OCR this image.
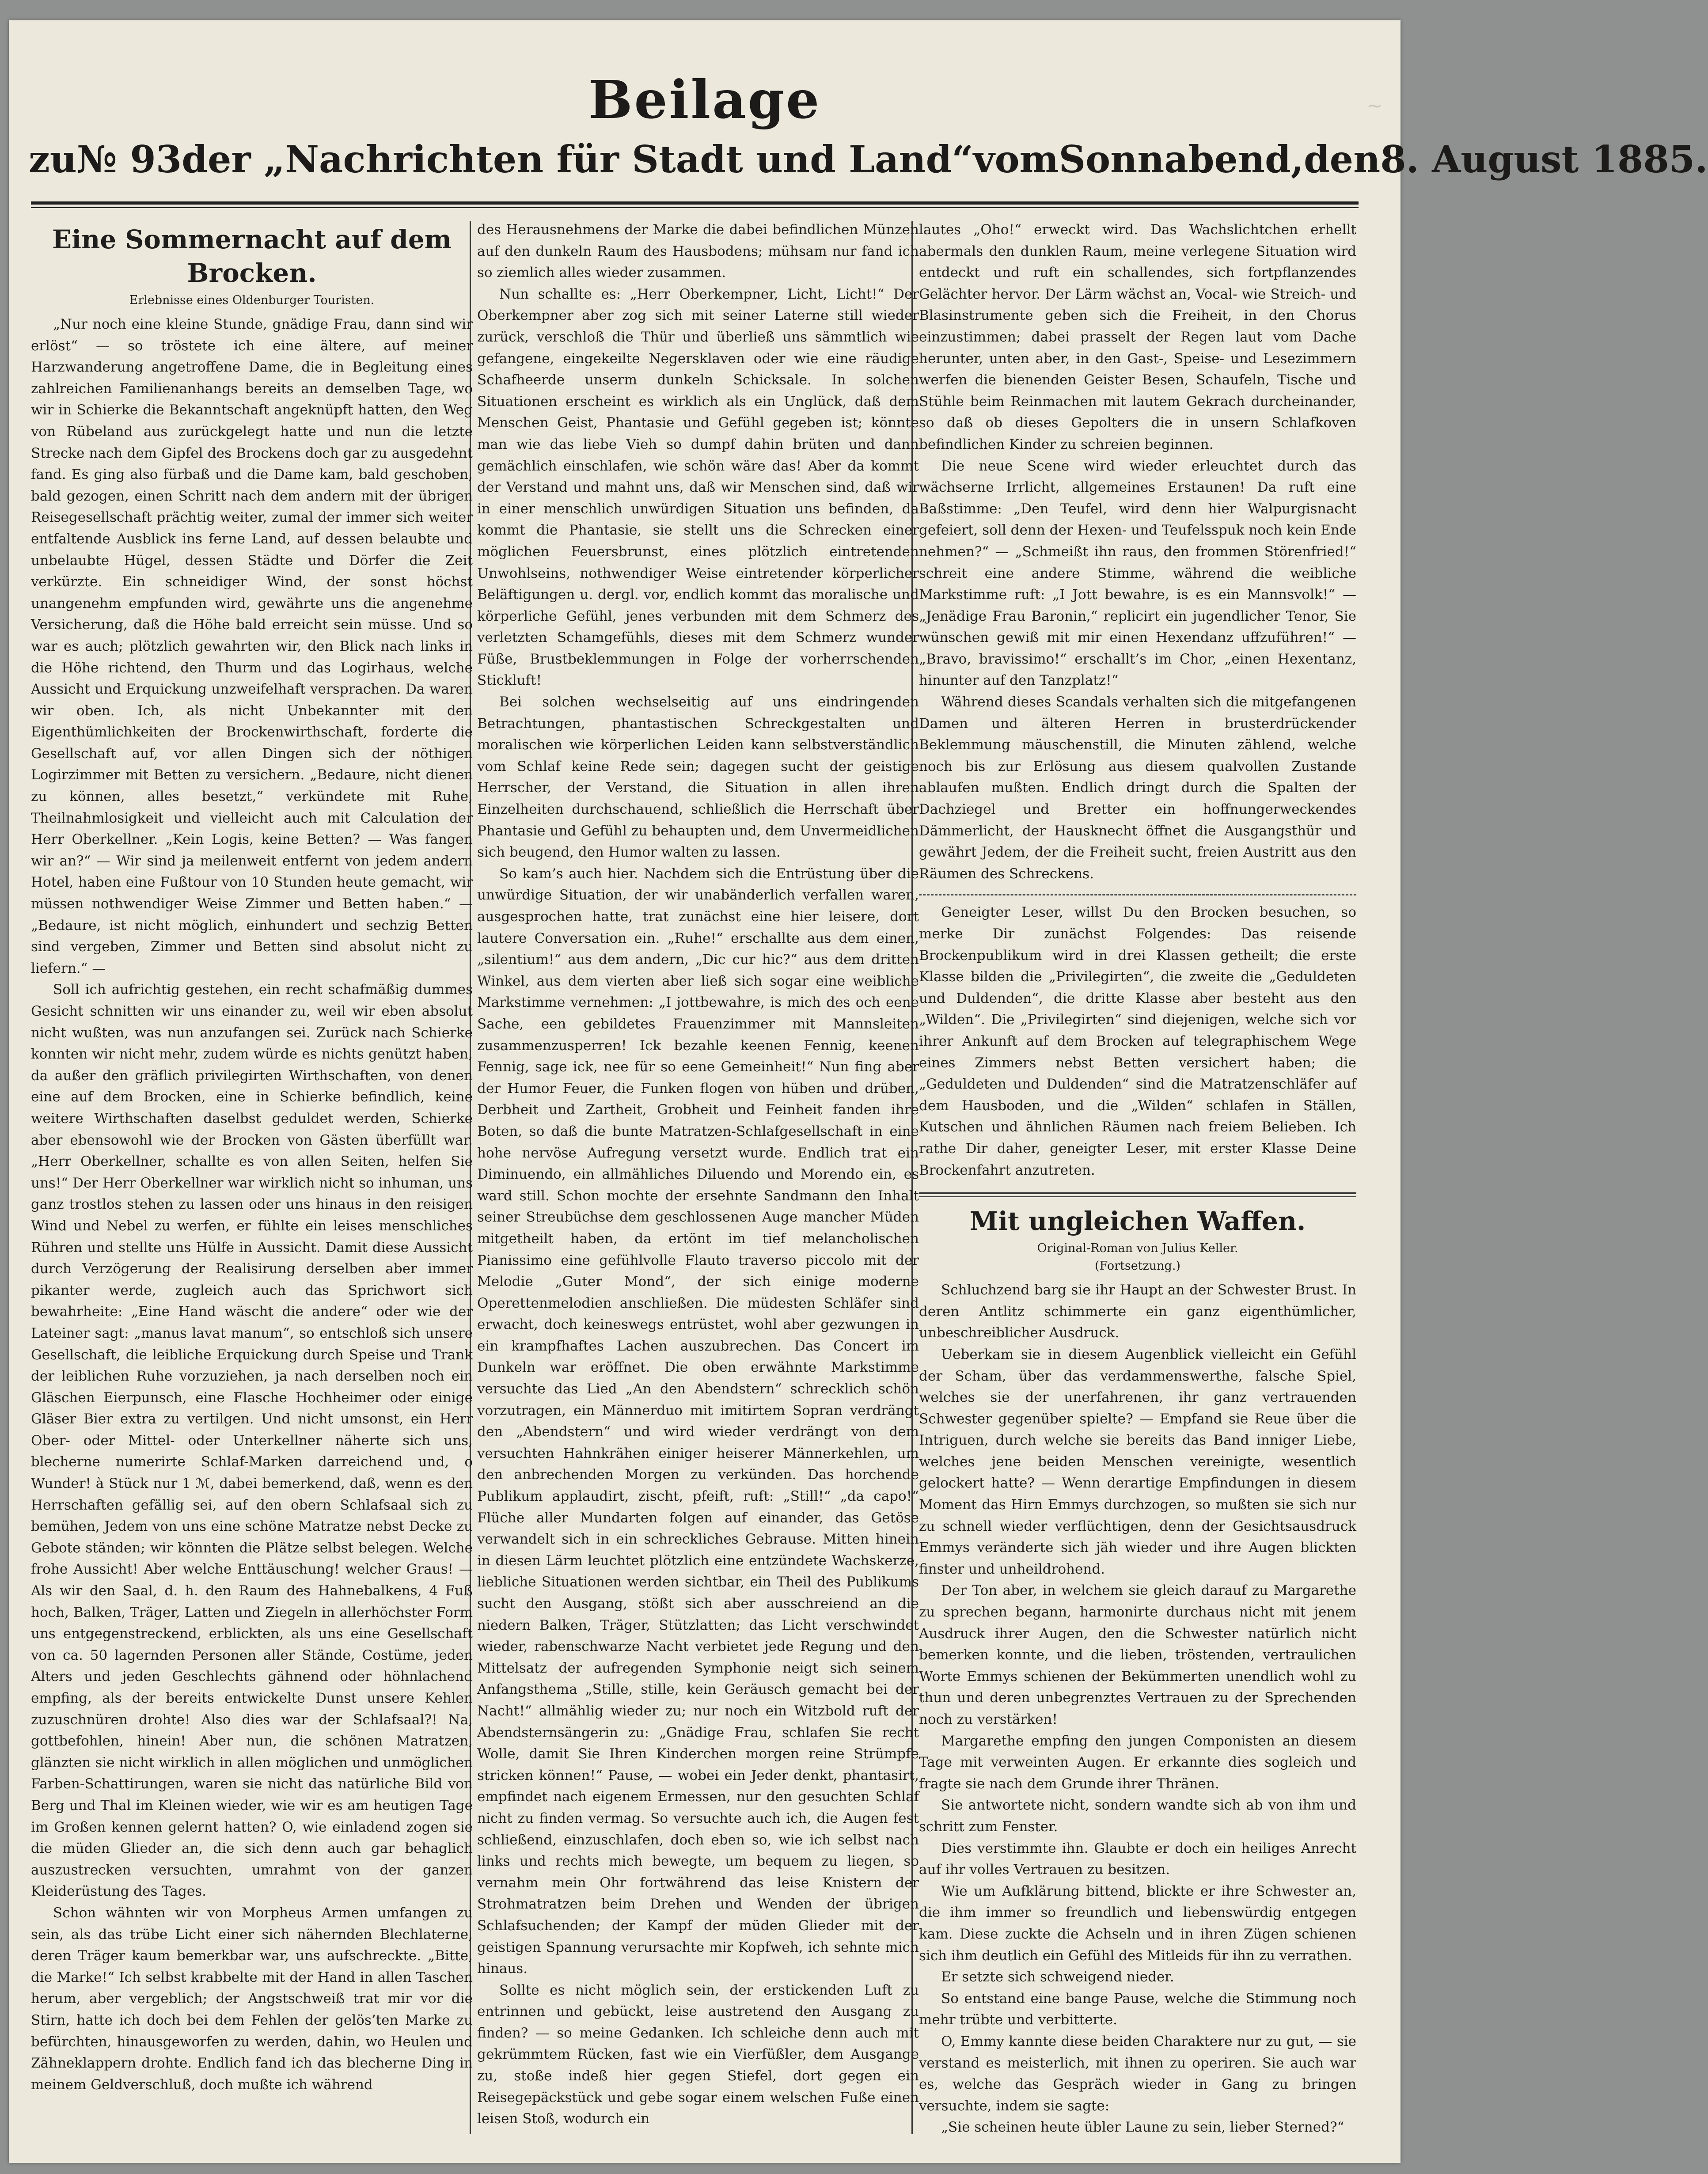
~
Beilage
zu № 93 der „Nachrichten für Stadt und Land“ vom Sonnabend, den 8. August 1885.
Eine Sommernacht auf dem Brocken.
Erlebnisse eines Oldenburger Touristen.

„Nur noch eine kleine Stunde, gnädige Frau, dann sind wir erlöst“ — so tröstete ich eine ältere, auf meiner Harzwanderung angetroffene Dame, die in Begleitung eines zahlreichen Familienanhangs bereits an demselben Tage, wo wir in Schierke die Bekanntschaft angeknüpft hatten, den Weg von Rübeland aus zurückgelegt hatte und nun die letzte Strecke nach dem Gipfel des Brockens doch gar zu ausgedehnt fand. Es ging also fürbaß und die Dame kam, bald geschoben, bald gezogen, einen Schritt nach dem andern mit der übrigen Reisegesellschaft prächtig weiter, zumal der immer sich weiter entfaltende Ausblick ins ferne Land, auf dessen belaubte und unbelaubte Hügel, dessen Städte und Dörfer die Zeit verkürzte. Ein schneidiger Wind, der sonst höchst unangenehm empfunden wird, gewährte uns die angenehme Versicherung, daß die Höhe bald erreicht sein müsse. Und so war es auch; plötzlich gewahrten wir, den Blick nach links in die Höhe richtend, den Thurm und das Logirhaus, welche Aussicht und Erquickung unzweifelhaft versprachen. Da waren wir oben. Ich, als nicht Unbekannter mit den Eigenthümlichkeiten der Brockenwirthschaft, forderte die Gesellschaft auf, vor allen Dingen sich der nöthigen Logirzimmer mit Betten zu versichern. „Bedaure, nicht dienen zu können, alles besetzt,“ verkündete mit Ruhe, Theilnahmlosigkeit und vielleicht auch mit Calculation der Herr Oberkellner. „Kein Logis, keine Betten? — Was fangen wir an?“ — Wir sind ja meilenweit entfernt von jedem andern Hotel, haben eine Fußtour von 10 Stunden heute gemacht, wir müssen nothwendiger Weise Zimmer und Betten haben.“ — „Bedaure, ist nicht möglich, einhundert und sechzig Betten sind vergeben, Zimmer und Betten sind absolut nicht zu liefern.“ —

Soll ich aufrichtig gestehen, ein recht schafmäßig dummes Gesicht schnitten wir uns einander zu, weil wir eben absolut nicht wußten, was nun anzufangen sei. Zurück nach Schierke konnten wir nicht mehr, zudem würde es nichts genützt haben, da außer den gräflich privilegirten Wirthschaften, von denen eine auf dem Brocken, eine in Schierke befindlich, keine weitere Wirthschaften daselbst geduldet werden, Schierke aber ebensowohl wie der Brocken von Gästen überfüllt war. „Herr Oberkellner, schallte es von allen Seiten, helfen Sie uns!“ Der Herr Oberkellner war wirklich nicht so inhuman, uns ganz trostlos stehen zu lassen oder uns hinaus in den reisigen Wind und Nebel zu werfen, er fühlte ein leises menschliches Rühren und stellte uns Hülfe in Aussicht. Damit diese Aussicht durch Verzögerung der Realisirung derselben aber immer pikanter werde, zugleich auch das Sprichwort sich bewahrheite: „Eine Hand wäscht die andere“ oder wie der Lateiner sagt: „manus lavat manum“, so entschloß sich unsere Gesellschaft, die leibliche Erquickung durch Speise und Trank der leiblichen Ruhe vorzuziehen, ja nach derselben noch ein Gläschen Eierpunsch, eine Flasche Hochheimer oder einige Gläser Bier extra zu vertilgen. Und nicht umsonst, ein Herr Ober- oder Mittel- oder Unterkellner näherte sich uns, blecherne numerirte Schlaf-Marken darreichend und, o Wunder! à Stück nur 1 ℳ, dabei bemerkend, daß, wenn es den Herrschaften gefällig sei, auf den obern Schlafsaal sich zu bemühen, Jedem von uns eine schöne Matratze nebst Decke zu Gebote ständen; wir könnten die Plätze selbst belegen. Welche frohe Aussicht! Aber welche Enttäuschung! welcher Graus! — Als wir den Saal, d. h. den Raum des Hahnebalkens, 4 Fuß hoch, Balken, Träger, Latten und Ziegeln in allerhöchster Form uns entgegenstreckend, erblickten, als uns eine Gesellschaft von ca. 50 lagernden Personen aller Stände, Costüme, jeden Alters und jeden Geschlechts gähnend oder höhnlachend empfing, als der bereits entwickelte Dunst unsere Kehlen zuzuschnüren drohte! Also dies war der Schlafsaal?! Na, gottbefohlen, hinein! Aber nun, die schönen Matratzen, glänzten sie nicht wirklich in allen möglichen und unmöglichen Farben-Schattirungen, waren sie nicht das natürliche Bild von Berg und Thal im Kleinen wieder, wie wir es am heutigen Tage im Großen kennen gelernt hatten? O, wie einladend zogen sie die müden Glieder an, die sich denn auch gar behaglich auszustrecken versuchten, umrahmt von der ganzen Kleiderüstung des Tages.

Schon wähnten wir von Morpheus Armen umfangen zu sein, als das trübe Licht einer sich nähernden Blechlaterne, deren Träger kaum bemerkbar war, uns aufschreckte. „Bitte, die Marke!“ Ich selbst krabbelte mit der Hand in allen Taschen herum, aber vergeblich; der Angstschweiß trat mir vor die Stirn, hatte ich doch bei dem Fehlen der gelös’ten Marke zu befürchten, hinausgeworfen zu werden, dahin, wo Heulen und Zähneklappern drohte. Endlich fand ich das blecherne Ding in meinem Geldverschluß, doch mußte ich während

des Herausnehmens der Marke die dabei befindlichen Münzen auf den dunkeln Raum des Hausbodens; mühsam nur fand ich so ziemlich alles wieder zusammen.

Nun schallte es: „Herr Oberkempner, Licht, Licht!“ Der Oberkempner aber zog sich mit seiner Laterne still wieder zurück, verschloß die Thür und überließ uns sämmtlich wie gefangene, eingekeilte Negersklaven oder wie eine räudige Schafheerde unserm dunkeln Schicksale. In solchen Situationen erscheint es wirklich als ein Unglück, daß dem Menschen Geist, Phantasie und Gefühl gegeben ist; könnte man wie das liebe Vieh so dumpf dahin brüten und dann gemächlich einschlafen, wie schön wäre das! Aber da kommt der Verstand und mahnt uns, daß wir Menschen sind, daß wir in einer menschlich unwürdigen Situation uns befinden, da kommt die Phantasie, sie stellt uns die Schrecken einer möglichen Feuersbrunst, eines plötzlich eintretenden Unwohlseins, nothwendiger Weise eintretender körperlicher Beläftigungen u. dergl. vor, endlich kommt das moralische und körperliche Gefühl, jenes verbunden mit dem Schmerz des verletzten Schamgefühls, dieses mit dem Schmerz wunder Füße, Brustbeklemmungen in Folge der vorherrschenden Stickluft!

Bei solchen wechselseitig auf uns eindringenden Betrachtungen, phantastischen Schreckgestalten und moralischen wie körperlichen Leiden kann selbstverständlich vom Schlaf keine Rede sein; dagegen sucht der geistige Herrscher, der Verstand, die Situation in allen ihren Einzelheiten durchschauend, schließlich die Herrschaft über Phantasie und Gefühl zu behaupten und, dem Unvermeidlichen sich beugend, den Humor walten zu lassen.

So kam’s auch hier. Nachdem sich die Entrüstung über die unwürdige Situation, der wir unabänderlich verfallen waren, ausgesprochen hatte, trat zunächst eine hier leisere, dort lautere Conversation ein. „Ruhe!“ erschallte aus dem einen, „silentium!“ aus dem andern, „Dic cur hic?“ aus dem dritten Winkel, aus dem vierten aber ließ sich sogar eine weibliche Markstimme vernehmen: „I jottbewahre, is mich des och eene Sache, een gebildetes Frauenzimmer mit Mannsleiten zusammenzusperren! Ick bezahle keenen Fennig, keenen Fennig, sage ick, nee für so eene Gemeinheit!“ Nun fing aber der Humor Feuer, die Funken flogen von hüben und drüben, Derbheit und Zartheit, Grobheit und Feinheit fanden ihre Boten, so daß die bunte Matratzen-Schlafgesellschaft in eine hohe nervöse Aufregung versetzt wurde. Endlich trat ein Diminuendo, ein allmähliches Diluendo und Morendo ein, es ward still. Schon mochte der ersehnte Sandmann den Inhalt seiner Streubüchse dem geschlossenen Auge mancher Müden mitgetheilt haben, da ertönt im tief melancholischen Pianissimo eine gefühlvolle Flauto traverso piccolo mit der Melodie „Guter Mond“, der sich einige moderne Operettenmelodien anschließen. Die müdesten Schläfer sind erwacht, doch keineswegs entrüstet, wohl aber gezwungen in ein krampfhaftes Lachen auszubrechen. Das Concert im Dunkeln war eröffnet. Die oben erwähnte Markstimme versuchte das Lied „An den Abendstern“ schrecklich schön vorzutragen, ein Männerduo mit imitirtem Sopran verdrängt den „Abendstern“ und wird wieder verdrängt von dem versuchten Hahnkrähen einiger heiserer Männerkehlen, um den anbrechenden Morgen zu verkünden. Das horchende Publikum applaudirt, zischt, pfeift, ruft: „Still!“ „da capo!“ Flüche aller Mundarten folgen auf einander, das Getöse verwandelt sich in ein schreckliches Gebrause. Mitten hinein in diesen Lärm leuchtet plötzlich eine entzündete Wachskerze, liebliche Situationen werden sichtbar, ein Theil des Publikums sucht den Ausgang, stößt sich aber ausschreiend an die niedern Balken, Träger, Stützlatten; das Licht verschwindet wieder, rabenschwarze Nacht verbietet jede Regung und den Mittelsatz der aufregenden Symphonie neigt sich seinem Anfangsthema „Stille, stille, kein Geräusch gemacht bei der Nacht!“ allmählig wieder zu; nur noch ein Witzbold ruft der Abendsternsängerin zu: „Gnädige Frau, schlafen Sie recht Wolle, damit Sie Ihren Kinderchen morgen reine Strümpfe stricken können!“ Pause, — wobei ein Jeder denkt, phantasirt, empfindet nach eigenem Ermessen, nur den gesuchten Schlaf nicht zu finden vermag. So versuchte auch ich, die Augen fest schließend, einzuschlafen, doch eben so, wie ich selbst nach links und rechts mich bewegte, um bequem zu liegen, so vernahm mein Ohr fortwährend das leise Knistern der Strohmatratzen beim Drehen und Wenden der übrigen Schlafsuchenden; der Kampf der müden Glieder mit der geistigen Spannung verursachte mir Kopfweh, ich sehnte mich hinaus.

Sollte es nicht möglich sein, der erstickenden Luft zu entrinnen und gebückt, leise austretend den Ausgang zu finden? — so meine Gedanken. Ich schleiche denn auch mit gekrümmtem Rücken, fast wie ein Vierfüßler, dem Ausgange zu, stoße indeß hier gegen Stiefel, dort gegen ein Reisegepäckstück und gebe sogar einem welschen Fuße einen leisen Stoß, wodurch ein

lautes „Oho!“ erweckt wird. Das Wachslichtchen erhellt abermals den dunklen Raum, meine verlegene Situation wird entdeckt und ruft ein schallendes, sich fortpflanzendes Gelächter hervor. Der Lärm wächst an, Vocal- wie Streich- und Blasinstrumente geben sich die Freiheit, in den Chorus einzustimmen; dabei prasselt der Regen laut vom Dache herunter, unten aber, in den Gast-, Speise- und Lesezimmern werfen die bienenden Geister Besen, Schaufeln, Tische und Stühle beim Reinmachen mit lautem Gekrach durcheinander, so daß ob dieses Gepolters die in unsern Schlafkoven befindlichen Kinder zu schreien beginnen.

Die neue Scene wird wieder erleuchtet durch das wächserne Irrlicht, allgemeines Erstaunen! Da ruft eine Baßstimme: „Den Teufel, wird denn hier Walpurgisnacht gefeiert, soll denn der Hexen- und Teufelsspuk noch kein Ende nehmen?“ — „Schmeißt ihn raus, den frommen Störenfried!“ schreit eine andere Stimme, während die weibliche Markstimme ruft: „I Jott bewahre, is es ein Mannsvolk!“ — „Jenädige Frau Baronin,“ replicirt ein jugendlicher Tenor, Sie wünschen gewiß mit mir einen Hexendanz uffzuführen!“ — „Bravo, bravissimo!“ erschallt’s im Chor, „einen Hexentanz, hinunter auf den Tanzplatz!“

Während dieses Scandals verhalten sich die mitgefangenen Damen und älteren Herren in brusterdrückender Beklemmung mäuschenstill, die Minuten zählend, welche noch bis zur Erlösung aus diesem qualvollen Zustande ablaufen mußten. Endlich dringt durch die Spalten der Dachziegel und Bretter ein hoffnungerweckendes Dämmerlicht, der Hausknecht öffnet die Ausgangsthür und gewährt Jedem, der die Freiheit sucht, freien Austritt aus den Räumen des Schreckens.

Geneigter Leser, willst Du den Brocken besuchen, so merke Dir zunächst Folgendes: Das reisende Brockenpublikum wird in drei Klassen getheilt; die erste Klasse bilden die „Privilegirten“, die zweite die „Geduldeten und Duldenden“, die dritte Klasse aber besteht aus den „Wilden“. Die „Privilegirten“ sind diejenigen, welche sich vor ihrer Ankunft auf dem Brocken auf telegraphischem Wege eines Zimmers nebst Betten versichert haben; die „Geduldeten und Duldenden“ sind die Matratzenschläfer auf dem Hausboden, und die „Wilden“ schlafen in Ställen, Kutschen und ähnlichen Räumen nach freiem Belieben. Ich rathe Dir daher, geneigter Leser, mit erster Klasse Deine Brockenfahrt anzutreten.

Mit ungleichen Waffen.
Original-Roman von Julius Keller.
(Fortsetzung.)

Schluchzend barg sie ihr Haupt an der Schwester Brust. In deren Antlitz schimmerte ein ganz eigenthümlicher, unbeschreiblicher Ausdruck.

Ueberkam sie in diesem Augenblick vielleicht ein Gefühl der Scham, über das verdammenswerthe, falsche Spiel, welches sie der unerfahrenen, ihr ganz vertrauenden Schwester gegenüber spielte? — Empfand sie Reue über die Intriguen, durch welche sie bereits das Band inniger Liebe, welches jene beiden Menschen vereinigte, wesentlich gelockert hatte? — Wenn derartige Empfindungen in diesem Moment das Hirn Emmys durchzogen, so mußten sie sich nur zu schnell wieder verflüchtigen, denn der Gesichtsausdruck Emmys veränderte sich jäh wieder und ihre Augen blickten finster und unheildrohend.

Der Ton aber, in welchem sie gleich darauf zu Margarethe zu sprechen begann, harmonirte durchaus nicht mit jenem Ausdruck ihrer Augen, den die Schwester natürlich nicht bemerken konnte, und die lieben, tröstenden, vertraulichen Worte Emmys schienen der Bekümmerten unendlich wohl zu thun und deren unbegrenztes Vertrauen zu der Sprechenden noch zu verstärken!

Margarethe empfing den jungen Componisten an diesem Tage mit verweinten Augen. Er erkannte dies sogleich und fragte sie nach dem Grunde ihrer Thränen.

Sie antwortete nicht, sondern wandte sich ab von ihm und schritt zum Fenster.

Dies verstimmte ihn. Glaubte er doch ein heiliges Anrecht auf ihr volles Vertrauen zu besitzen.

Wie um Aufklärung bittend, blickte er ihre Schwester an, die ihm immer so freundlich und liebenswürdig entgegen kam. Diese zuckte die Achseln und in ihren Zügen schienen sich ihm deutlich ein Gefühl des Mitleids für ihn zu verrathen.

Er setzte sich schweigend nieder.

So entstand eine bange Pause, welche die Stimmung noch mehr trübte und verbitterte.

O, Emmy kannte diese beiden Charaktere nur zu gut, — sie verstand es meisterlich, mit ihnen zu operiren. Sie auch war es, welche das Gespräch wieder in Gang zu bringen versuchte, indem sie sagte:

„Sie scheinen heute übler Laune zu sein, lieber Sterned?“
